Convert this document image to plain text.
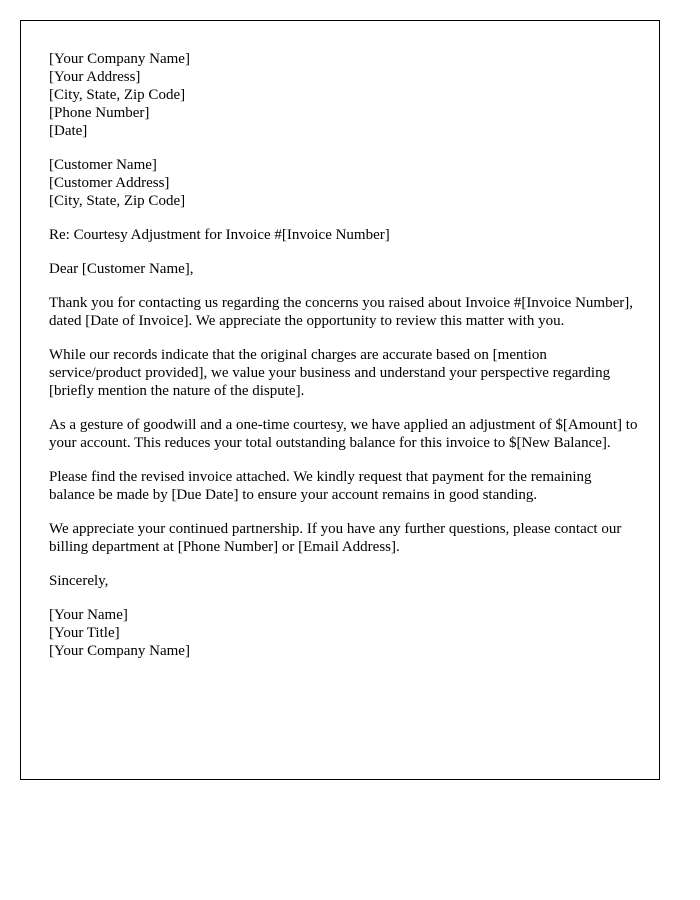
[Your Company Name]
[Your Address]
[City, State, Zip Code]
[Phone Number]
[Date]
[Customer Name]
[Customer Address]
[City, State, Zip Code]

Re: Courtesy Adjustment for Invoice #[Invoice Number]

Dear [Customer Name],

Thank you for contacting us regarding the concerns you raised about Invoice #[Invoice Number], dated [Date of Invoice]. We appreciate the opportunity to review this matter with you.

While our records indicate that the original charges are accurate based on [mention service/product provided], we value your business and understand your perspective regarding [briefly mention the nature of the dispute].

As a gesture of goodwill and a one-time courtesy, we have applied an adjustment of $[Amount] to your account. This reduces your total outstanding balance for this invoice to $[New Balance].

Please find the revised invoice attached. We kindly request that payment for the remaining balance be made by [Due Date] to ensure your account remains in good standing.

We appreciate your continued partnership. If you have any further questions, please contact our billing department at [Phone Number] or [Email Address].

Sincerely,

[Your Name]
[Your Title]
[Your Company Name]
